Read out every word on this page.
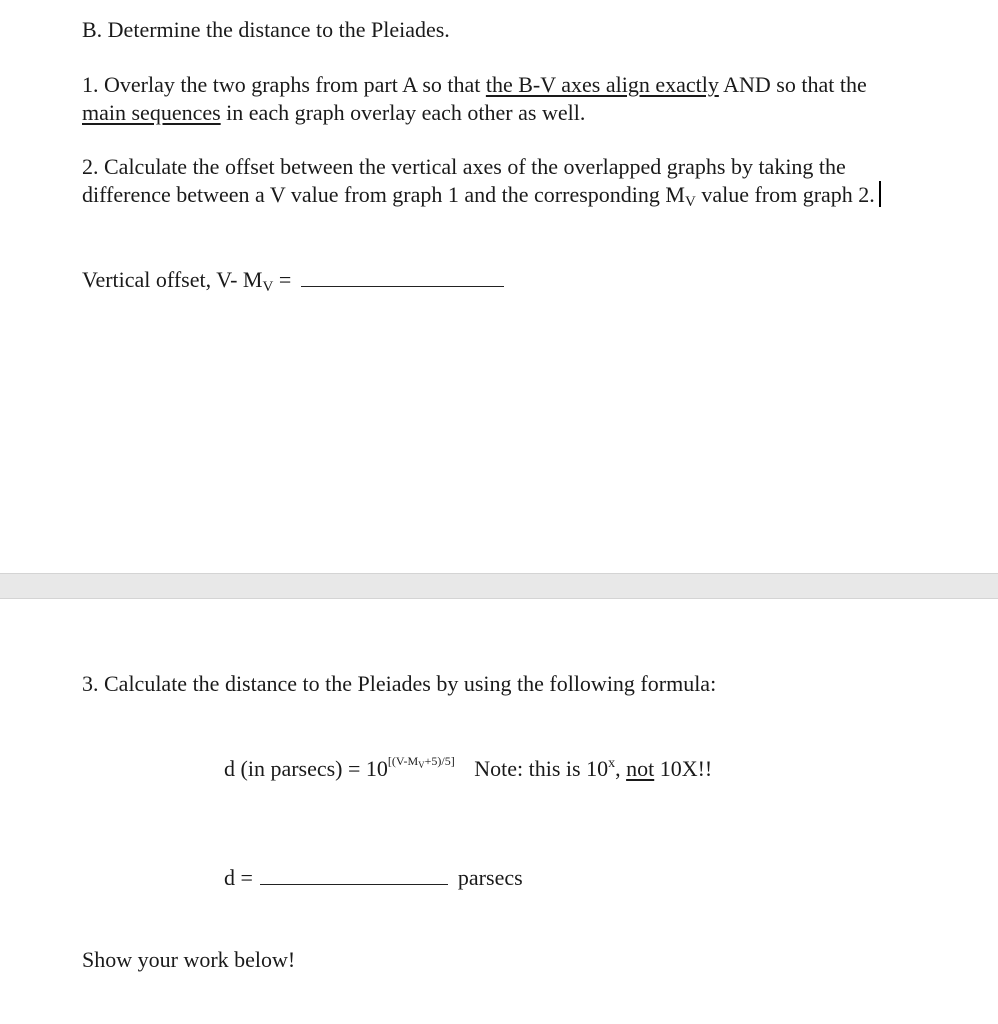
B. Determine the distance to the Pleiades.
1. Overlay the two graphs from part A so that the B-V axes align exactly AND so that the
main sequences in each graph overlay each other as well.
2. Calculate the offset between the vertical axes of the overlapped graphs by taking the
difference between a V value from graph 1 and the corresponding MV value from graph 2.
Vertical offset, V- MV =
3. Calculate the distance to the Pleiades by using the following formula:
d (in parsecs) = 10[(V-MV+5)/5] Note: this is 10$^x$, not 10X!!
d =	parsecs
Show your work below!
